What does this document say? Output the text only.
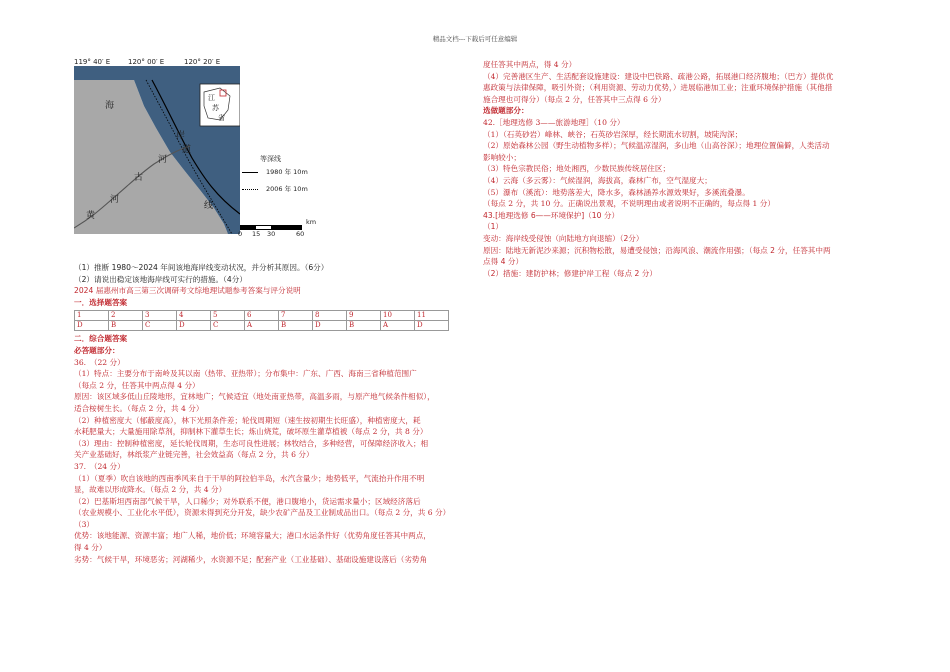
精品文档---下载后可任意编辑
海
岸
道
古
河
黄
河
线
江
苏
省
119° 40′ E	120° 00′ E	120° 20′ E
等深线
1980 年 10m
2006 年 10m
km
0 15 30	60
（1）推断 1980～2024 年间该地海岸线变动状况，并分析其原因。（6分）
（2）请说出稳定该地海岸线可实行的措施。（4分）
2024 届惠州市高三第三次调研考文综地理试题参考答案与评分说明
一．选择题答案
1	2	3	4	5	6	7	8	9	10	11
D	B	C	D	C	A	B	D	B	A	D
二．综合题答案
必答题部分：
36.　（22 分）
（1）特点：主要分布于南岭及其以南（热带、亚热带）；分布集中：广东、广西、海南三省种植范围广
（每点 2 分，任答其中两点得 4 分）
原因：该区域多低山丘陵地形，宜林地广；气候适宜（地处南亚热带，高温多雨，与原产地气候条件相似），
适合桉树生长。（每点 2 分，共 4 分）
（2）种植密度大（郁蔽度高），林下光照条件差；轮伐周期短（速生按初期生长旺盛），种植密度大，耗
水耗肥量大；大量施用除草剂，抑制林下灌草生长；炼山烧荒，破坏原生灌草植被（每点 2 分，共 8 分）
（3）理由：控制种植密度，延长轮伐周期，生态可良性进展；林牧结合，多种经营，可保障经济收入；相
关产业基础好，林纸浆产业链完善，社会效益高（每点 2 分，共 6 分）
37.　（24 分）
（1）（夏季）吹自该地的西南季风来自于干旱的阿拉伯半岛，水汽含量少；地势低平，气流抬升作用不明
显，故难以形成降水。（每点 2 分，共 4 分）
（2）巴基斯坦西南部气候干旱，人口稀少；对外联系不便，港口腹地小，货运需求量小；区域经济落后
（农业规模小、工业化水平低），资源未得到充分开发，缺少农矿产品及工业制成品出口。（每点 2 分，共 6 分）
（3）
优势：该地能源、资源丰富；地广人稀，地价低；环境容量大；港口水运条件好（优势角度任答其中两点，
得 4 分）
劣势：气候干旱，环境恶劣；河湖稀少，水资源不足；配套产业（工业基础）、基础设施建设落后（劣势角
度任答其中两点，得 4 分）
（4）完善港区生产、生活配套设施建设：建设中巴铁路、疏港公路，拓展港口经济腹地；（巴方）提供优
惠政策与法律保障，吸引外资；（利用资源、劳动力优势，）进展临港加工业；注重环境保护措施（其他措
施合理也可得分）（每点 2 分，任答其中三点得 6 分）
选做题部分：
42.［地理选修 3——旅游地理］（10 分）
（1）（石英砂岩）峰林、峡谷；石英砂岩深厚，经长期流水切割，坡陡沟深；
（2）原始森林公园（野生动植物多样）；气候温凉湿润，多山地（山高谷深）；地理位置偏僻，人类活动
影响较小；
（3）特色宗教民俗；地处湘西，少数民族传统居住区；
（4）云海（多云雾）：气候湿润，海拔高，森林广布，空气湿度大；
（5）瀑布（溪流）：地势落差大，降水多，森林涵养水源效果好，多溪流叠瀑。
（每点 2 分，共 10 分。正确说出景观，不说明理由或者说明不正确的，每点得 1 分）
43.[地理选修 6——环境保护]（10 分）
（1）
变动：海岸线受侵蚀（向陆地方向退缩）（2分）
原因：陆地无新泥沙来源；沉积物松散，易遭受侵蚀；沿海风浪、潮流作用强；（每点 2 分，任答其中两
点得 4 分）
（2）措施：建防护林；修建护岸工程（每点 2 分）
